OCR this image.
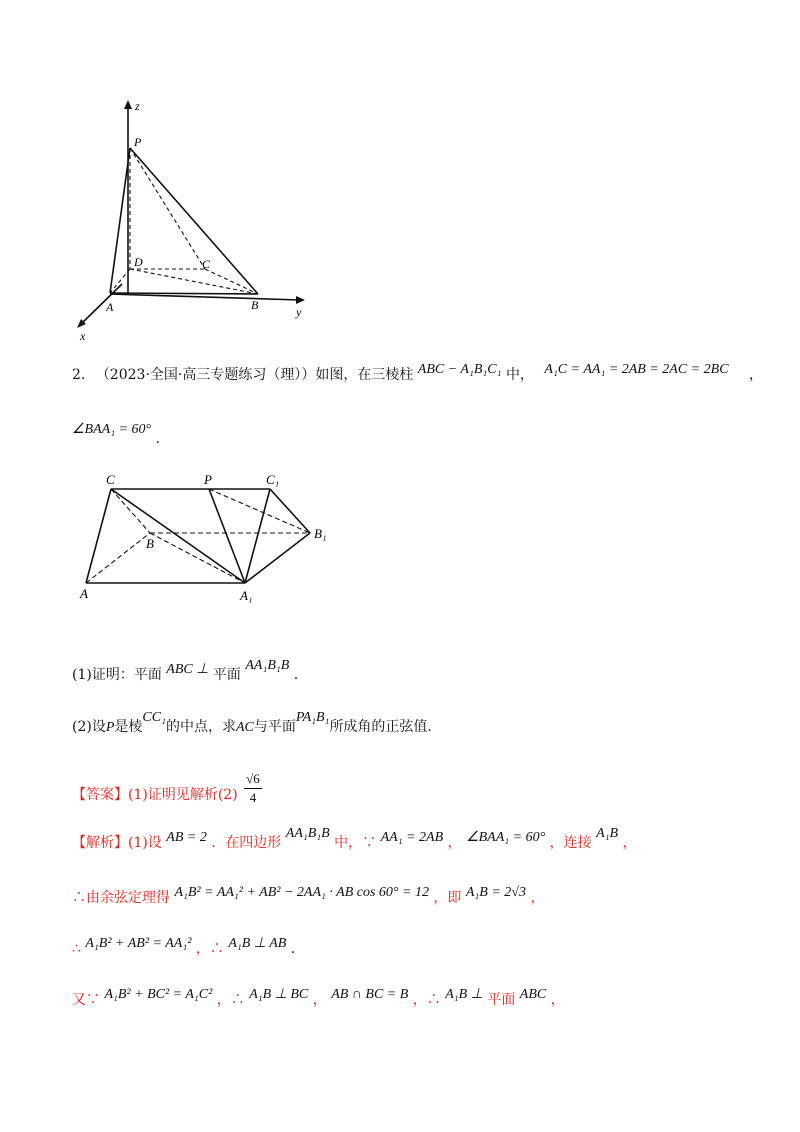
z
P
D	C
A	B	y
x
2. （2023·全国·高三专题练习（理））如图，在三棱柱 ABC − A₁B₁C₁ 中， A₁C = AA₁ = 2AB = 2AC = 2BC ，
∠BAA₁ = 60° .
C	P	C₁
B
B₁
A	A₁
(1)证明：平面 ABC ⊥ 平面 AA₁B₁B .
(2)设P是棱CC₁的中点，求AC与平面PA₁B₁所成角的正弦值.
【答案】(1)证明见解析$(2) \frac{√6}{4}$
【解析】(1)设 AB = 2 ．在四边形 AA₁B₁B 中，∵ AA₁ = 2AB ， ∠BAA₁ = 60° ，连接 A₁B ，
∴由余弦定理得 A₁B² = AA₁² + AB² − 2AA₁ · AB cos 60° = 12 ，即 A₁B = 2√3 ，
∴ A₁B² + AB² = AA₁² ，∴ A₁B ⊥ AB .
又∵ A₁B² + BC² = A₁C² ，∴ A₁B ⊥ BC ， AB ∩ BC = B ，∴ A₁B ⊥ 平面 ABC ，
